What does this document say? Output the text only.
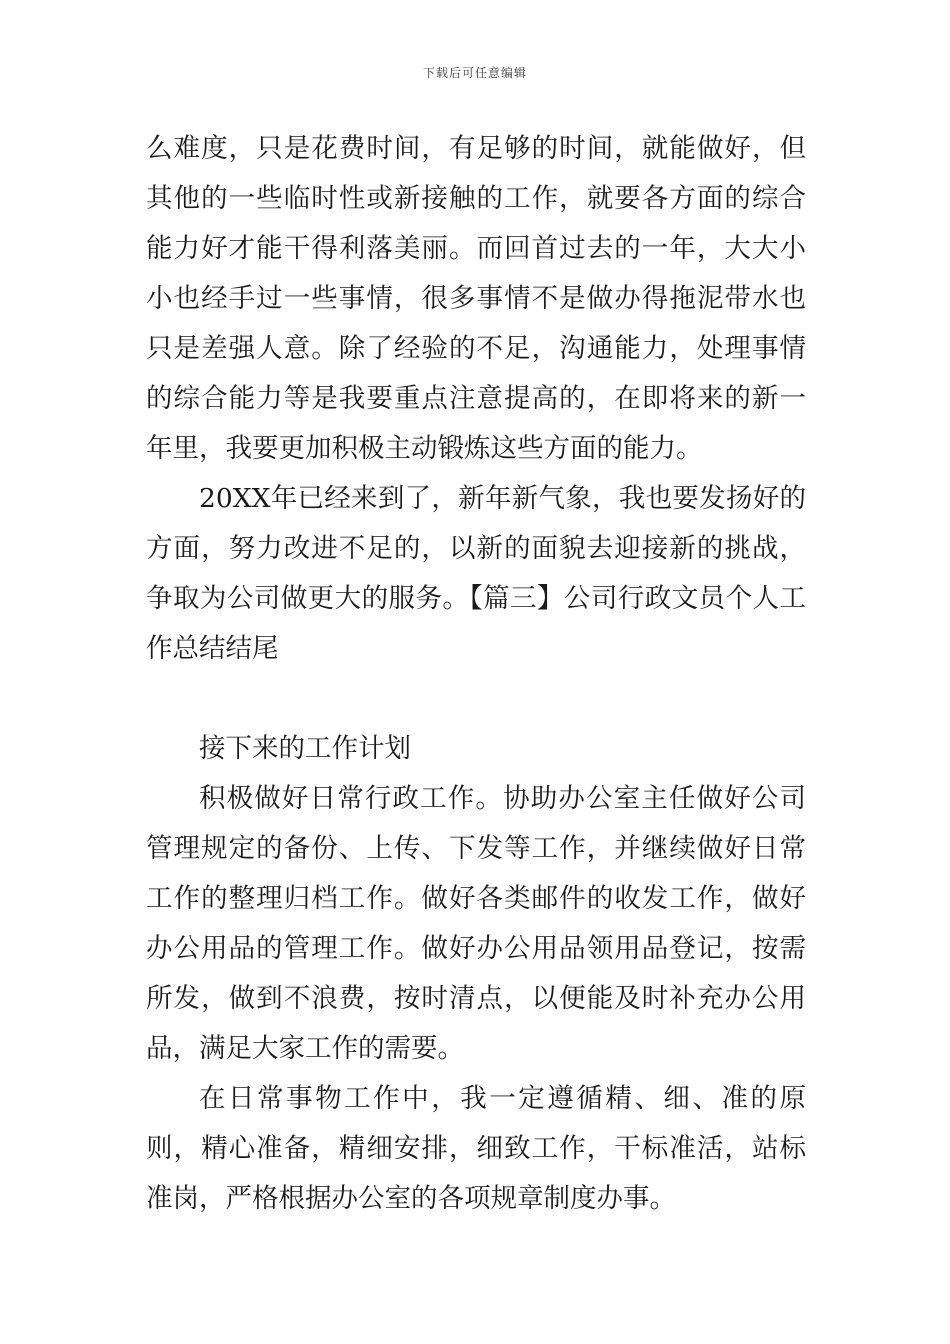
下载后可任意编辑

么难度，只是花费时间，有足够的时间，就能做好，但其他的一些临时性或新接触的工作，就要各方面的综合能力好才能干得利落美丽。而回首过去的一年，大大小小也经手过一些事情，很多事情不是做办得拖泥带水也只是差强人意。除了经验的不足，沟通能力，处理事情的综合能力等是我要重点注意提高的，在即将来的新一年里，我要更加积极主动锻炼这些方面的能力。

20XX年已经来到了，新年新气象，我也要发扬好的方面，努力改进不足的，以新的面貌去迎接新的挑战，争取为公司做更大的服务。【篇三】公司行政文员个人工作总结结尾

接下来的工作计划

积极做好日常行政工作。协助办公室主任做好公司管理规定的备份、上传、下发等工作，并继续做好日常工作的整理归档工作。做好各类邮件的收发工作，做好办公用品的管理工作。做好办公用品领用品登记，按需所发，做到不浪费，按时清点，以便能及时补充办公用品，满足大家工作的需要。

在日常事物工作中，我一定遵循精、细、准的原则，精心准备，精细安排，细致工作，干标准活，站标准岗，严格根据办公室的各项规章制度办事。
